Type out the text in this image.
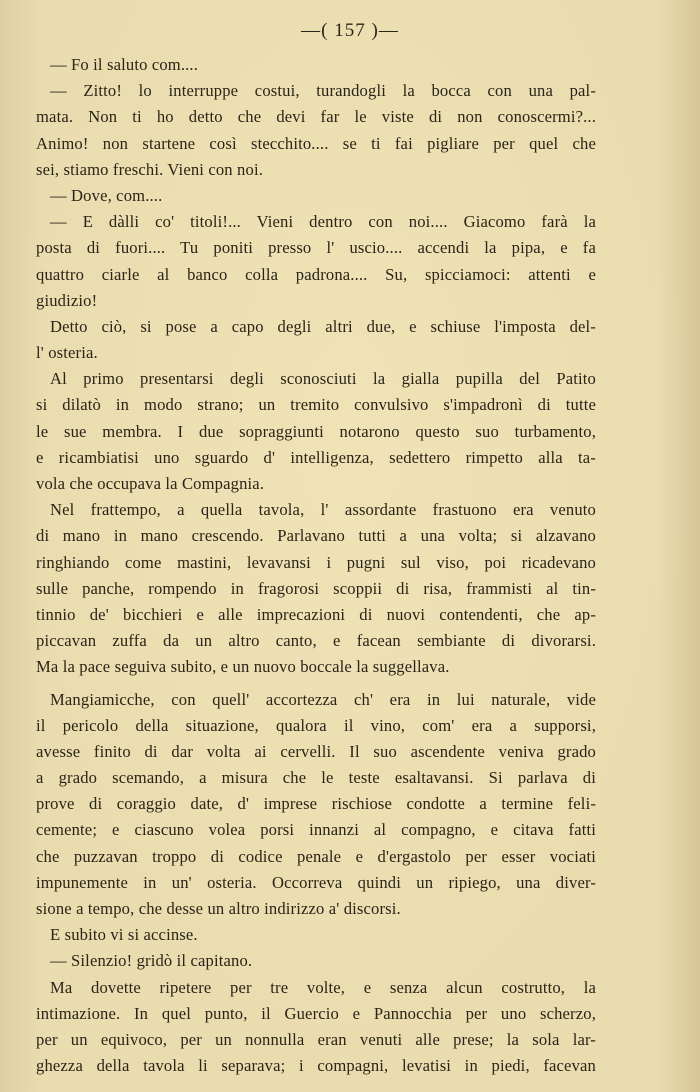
—( 157 )—
— Fo il saluto com....
— Zitto! lo interruppe costui, turandogli la bocca con una pal-
mata. Non ti ho detto che devi far le viste di non conoscermi?...
Animo! non startene così stecchito.... se ti fai pigliare per quel che
sei, stiamo freschi. Vieni con noi.
— Dove, com....
— E dàlli co' titoli!... Vieni dentro con noi.... Giacomo farà la
posta di fuori.... Tu poniti presso l' uscio.... accendi la pipa, e fa
quattro ciarle al banco colla padrona.... Su, spicciamoci: attenti e
giudizio!
Detto ciò, si pose a capo degli altri due, e schiuse l'imposta del-
l' osteria.
Al primo presentarsi degli sconosciuti la gialla pupilla del Patito
si dilatò in modo strano; un tremito convulsivo s'impadronì di tutte
le sue membra. I due sopraggiunti notarono questo suo turbamento,
e ricambiatisi uno sguardo d' intelligenza, sedettero rimpetto alla ta-
vola che occupava la Compagnia.
Nel frattempo, a quella tavola, l' assordante frastuono era venuto
di mano in mano crescendo. Parlavano tutti a una volta; si alzavano
ringhiando come mastini, levavansi i pugni sul viso, poi ricadevano
sulle panche, rompendo in fragorosi scoppii di risa, frammisti al tin-
tinnio de' bicchieri e alle imprecazioni di nuovi contendenti, che ap-
piccavan zuffa da un altro canto, e facean sembiante di divorarsi.
Ma la pace seguiva subito, e un nuovo boccale la suggellava.
Mangiamicche, con quell' accortezza ch' era in lui naturale, vide
il pericolo della situazione, qualora il vino, com' era a supporsi,
avesse finito di dar volta ai cervelli. Il suo ascendente veniva grado
a grado scemando, a misura che le teste esaltavansi. Si parlava di
prove di coraggio date, d' imprese rischiose condotte a termine feli-
cemente; e ciascuno volea porsi innanzi al compagno, e citava fatti
che puzzavan troppo di codice penale e d'ergastolo per esser vociati
impunemente in un' osteria. Occorreva quindi un ripiego, una diver-
sione a tempo, che desse un altro indirizzo a' discorsi.
E subito vi si accinse.
— Silenzio! gridò il capitano.
Ma dovette ripetere per tre volte, e senza alcun costrutto, la
intimazione. In quel punto, il Guercio e Pannocchia per uno scherzo,
per un equivoco, per un nonnulla eran venuti alle prese; la sola lar-
ghezza della tavola li separava; i compagni, levatisi in piedi, facevan
